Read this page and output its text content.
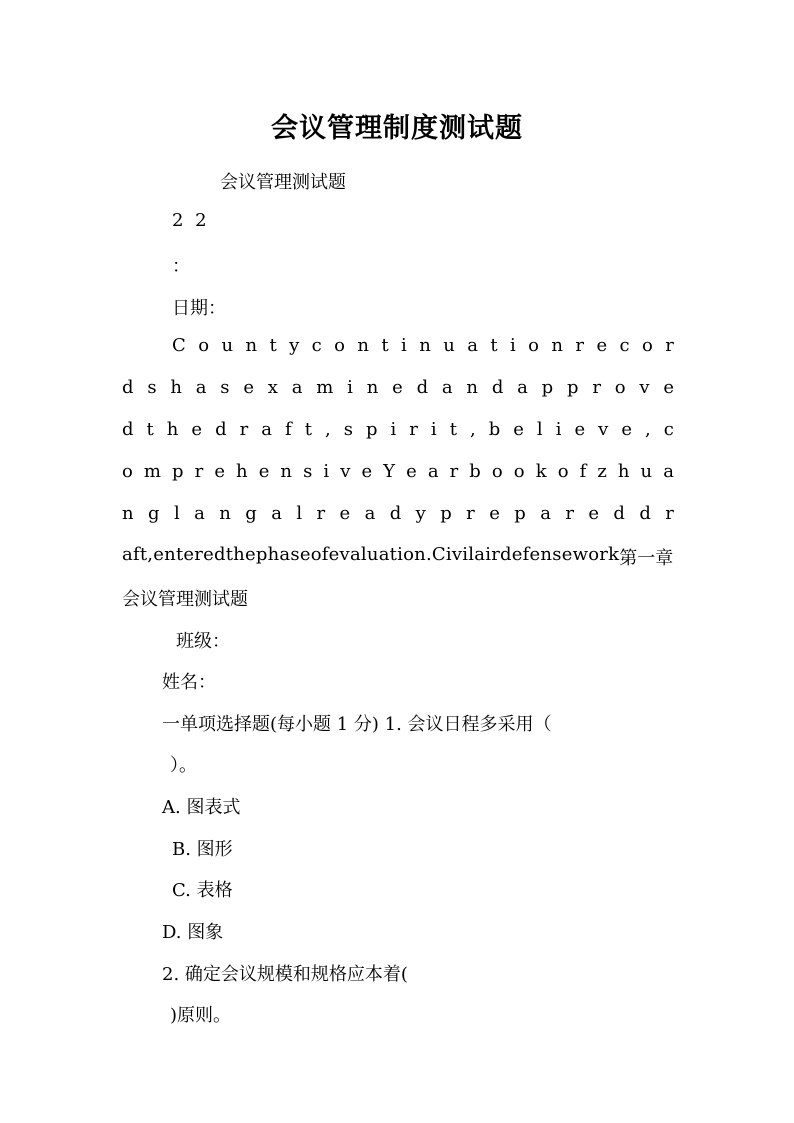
会议管理制度测试题
会议管理测试题
2 2
：
日期：
C o u n t y c o n t i n u a t i o n r e c o r
d s h a s e x a m i n e d a n d a p p r o v e
d t h e d r a f t , s p i r i t , b e l i e v e , c
o m p r e h e n s i v e Y e a r b o o k o f z h u a
n g l a n g a l r e a d y p r e p a r e d d r
a f t , e n t e r e d t h e p h a s e o f e v a l u a t i o n . C i v i l a i r d e f e n s e w o r k 第一章
会议管理测试题
班级：
姓名：
一单项选择题(每小题 1 分) 1. 会议日程多采用（
）。
A. 图表式
B. 图形
C. 表格
D. 图象
2. 确定会议规模和规格应本着(
)原则。
